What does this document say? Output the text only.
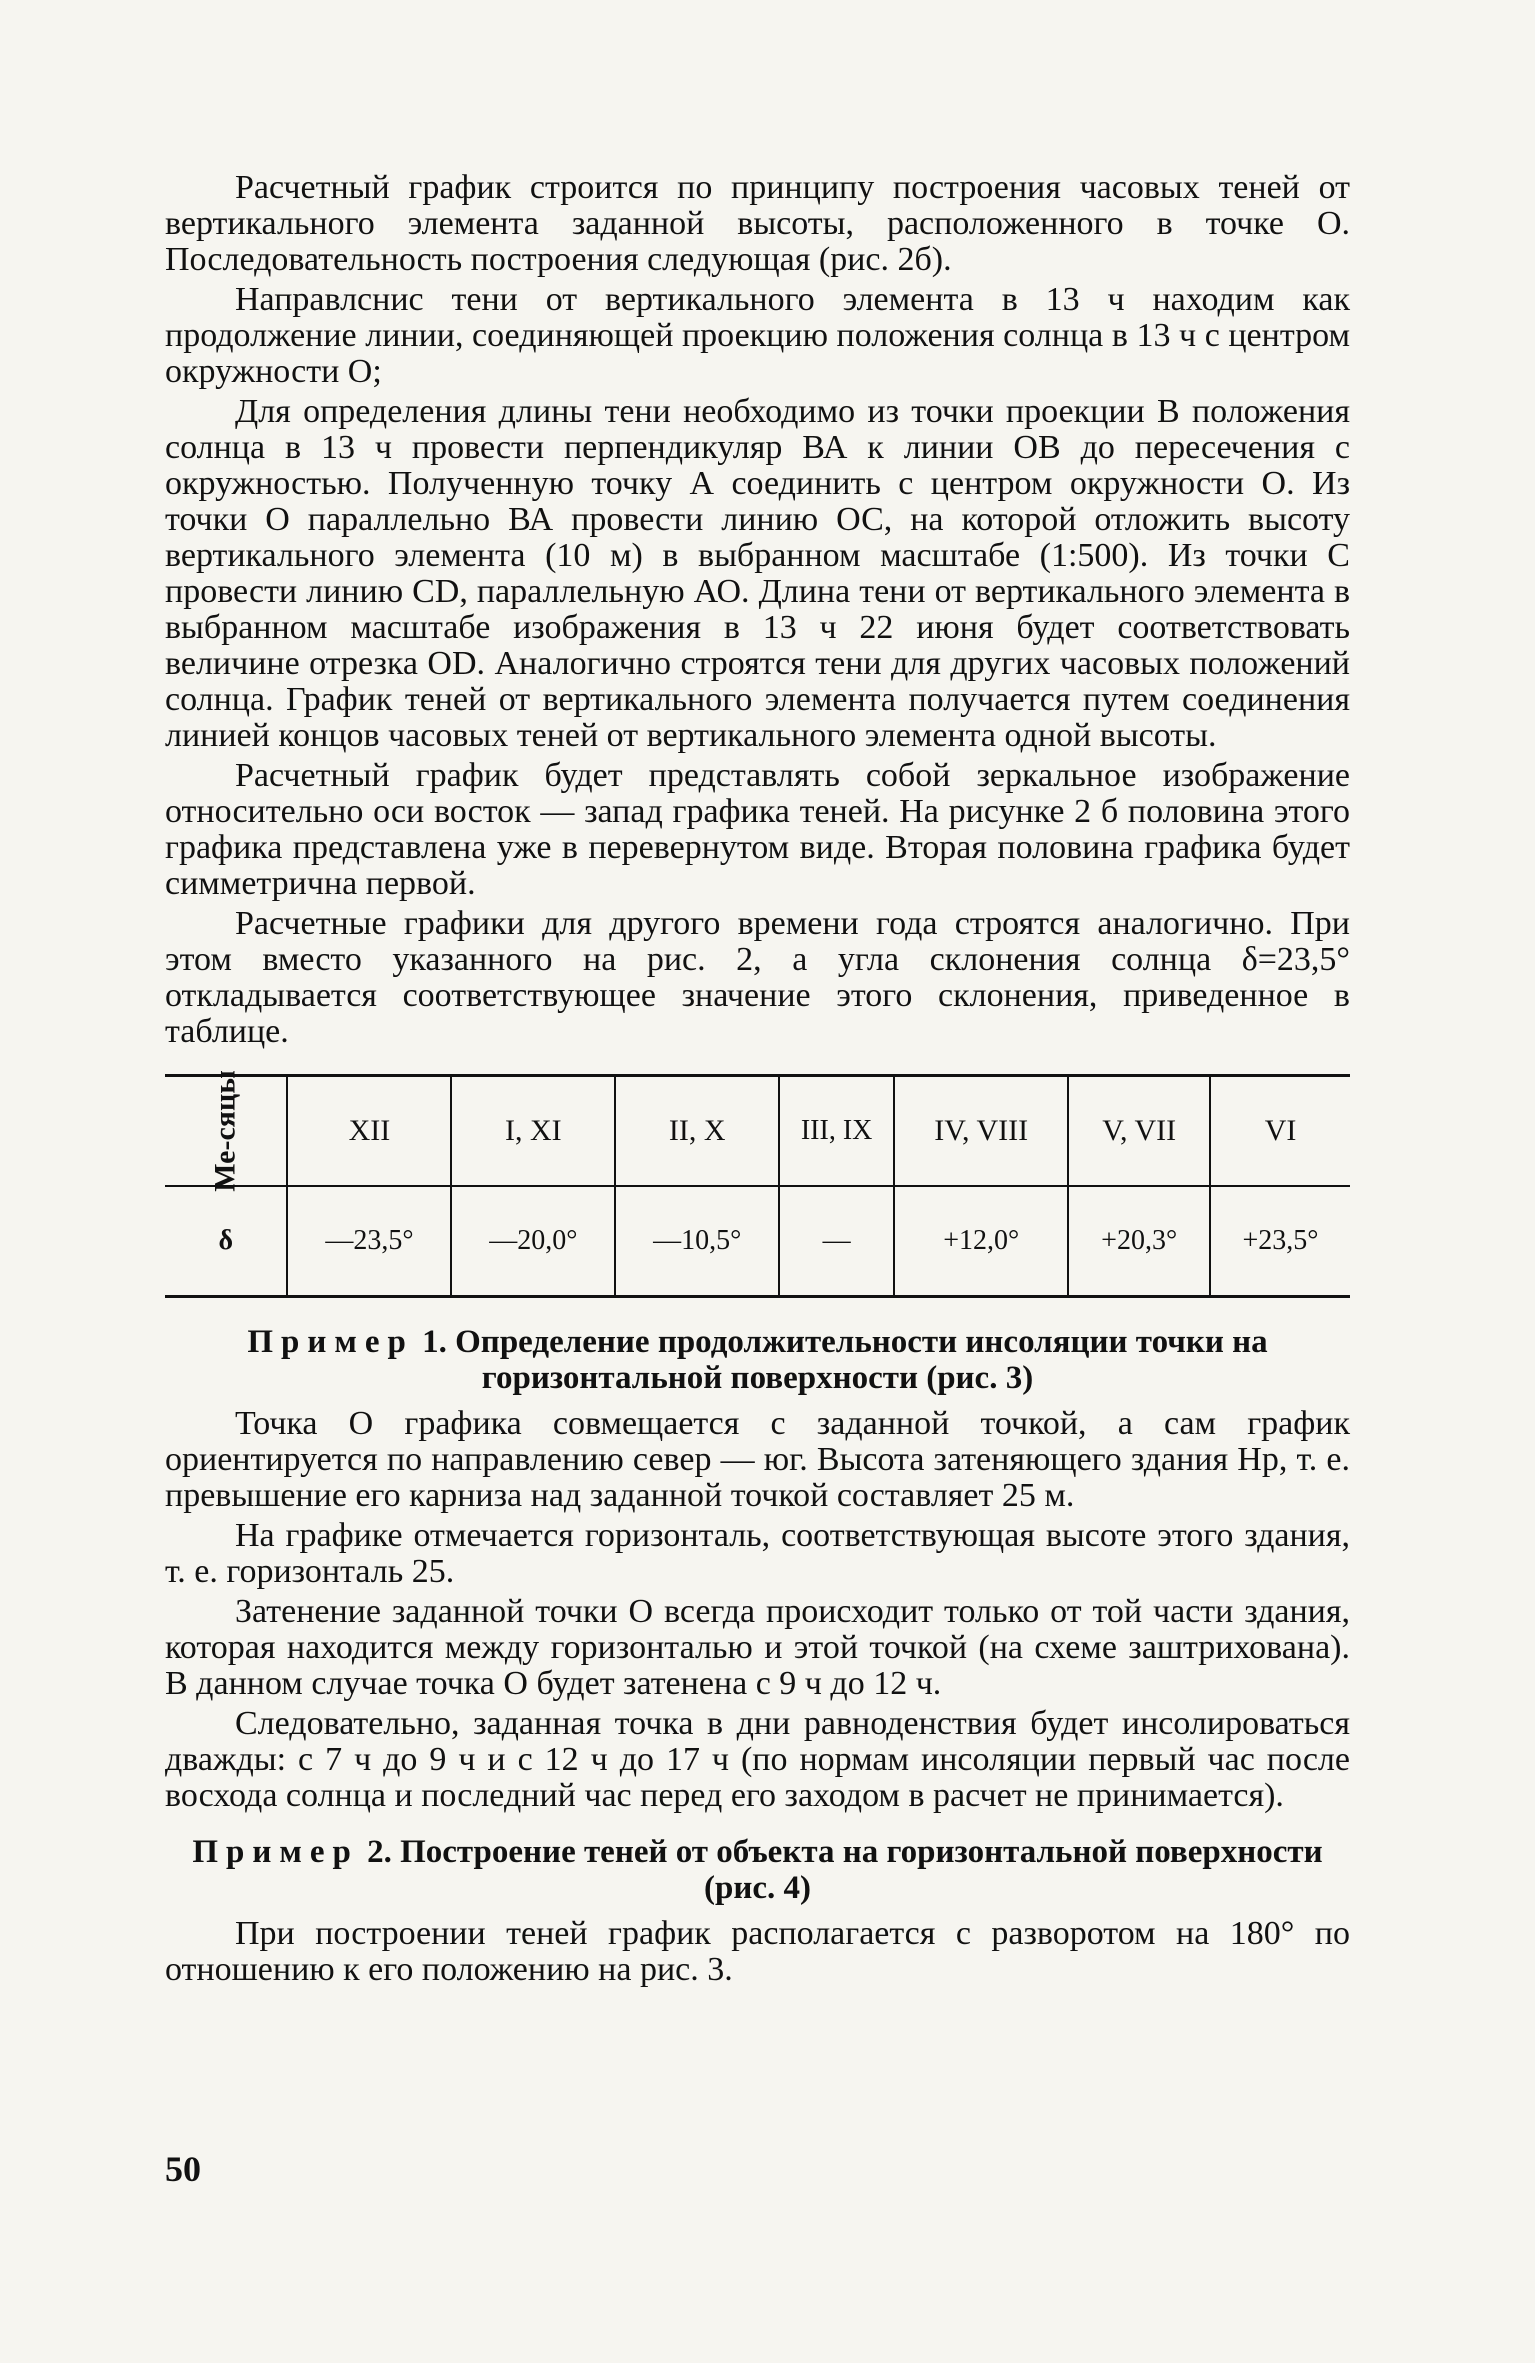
Расчетный график строится по принципу построения часовых теней от вертикального элемента заданной высоты, расположенного в точке О. Последовательность построения следующая (рис. 2б).

Направлснис тени от вертикального элемента в 13 ч находим как продолжение линии, соединяющей проекцию положения солнца в 13 ч с центром окружности О;

Для определения длины тени необходимо из точки проекции В положения солнца в 13 ч провести перпендикуляр ВА к линии ОВ до пересечения с окружностью. Полученную точку А соединить с центром окружности О. Из точки О параллельно ВА провести линию ОС, на которой отложить высоту вертикального элемента (10 м) в выбранном масштабе (1:500). Из точки С провести линию CD, параллельную АО. Длина тени от вертикального элемента в выбранном масштабе изображения в 13 ч 22 июня будет соответствовать величине отрезка OD. Аналогично строятся тени для других часовых положений солнца. График теней от вертикального элемента получается путем соединения линией концов часовых теней от вертикального элемента одной высоты.

Расчетный график будет представлять собой зеркальное изображение относительно оси восток — запад графика теней. На рисунке 2 б половина этого графика представлена уже в перевернутом виде. Вторая половина графика будет симметрична первой.

Расчетные графики для другого времени года строятся аналогично. При этом вместо указанного на рис. 2, а угла склонения солнца δ=23,5° откладывается соответствующее значение этого склонения, приведенное в таблице.

Ме-сяцы	XII	I, XI	II, X	III, IX	IV, VIII	V, VII	VI
δ	—23,5°	—20,0°	—10,5°	—	+12,0°	+20,3°	+23,5°
Пример 1. Определение продолжительности инсоляции точки на горизонтальной поверхности (рис. 3)

Точка О графика совмещается с заданной точкой, а сам график ориентируется по направлению север — юг. Высота затеняющего здания Нр, т. е. превышение его карниза над заданной точкой составляет 25 м.

На графике отмечается горизонталь, соответствующая высоте этого здания, т. е. горизонталь 25.

Затенение заданной точки О всегда происходит только от той части здания, которая находится между горизонталью и этой точкой (на схеме заштрихована). В данном случае точка О будет затенена с 9 ч до 12 ч.

Следовательно, заданная точка в дни равноденствия будет инсолироваться дважды: с 7 ч до 9 ч и с 12 ч до 17 ч (по нормам инсоляции первый час после восхода солнца и последний час перед его заходом в расчет не принимается).

Пример 2. Построение теней от объекта на горизонтальной поверхности (рис. 4)

При построении теней график располагается с разворотом на 180° по отношению к его положению на рис. 3.

50
